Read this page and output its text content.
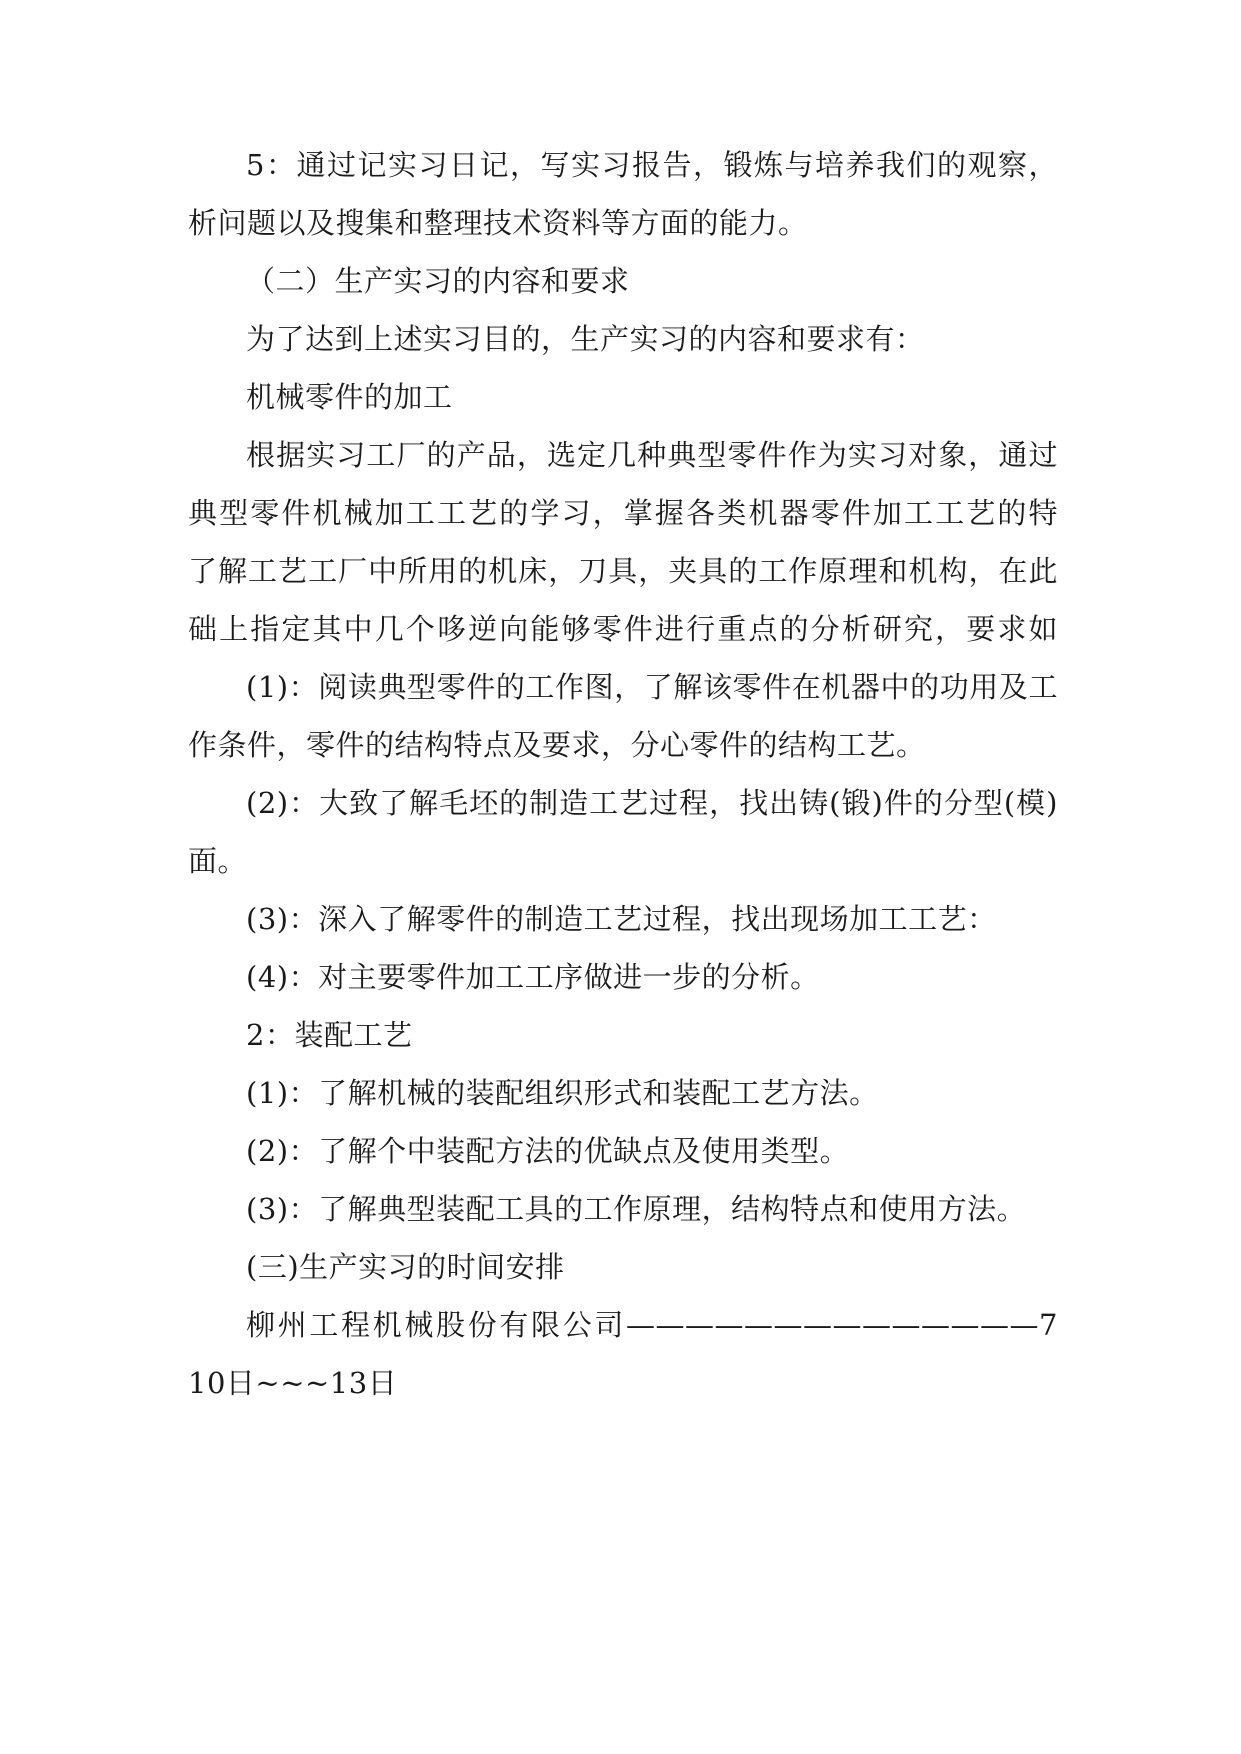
5：通过记实习日记，写实习报告，锻炼与培养我们的观察，
析问题以及搜集和整理技术资料等方面的能力。
（二）生产实习的内容和要求
为了达到上述实习目的，生产实习的内容和要求有：
机械零件的加工
根据实习工厂的产品，选定几种典型零件作为实习对象，通过
典型零件机械加工工艺的学习，掌握各类机器零件加工工艺的特
了解工艺工厂中所用的机床，刀具，夹具的工作原理和机构，在此
础上指定其中几个哆逆向能够零件进行重点的分析研究，要求如
(1)：阅读典型零件的工作图，了解该零件在机器中的功用及工
作条件，零件的结构特点及要求，分心零件的结构工艺。
(2)：大致了解毛坯的制造工艺过程，找出铸(锻)件的分型(模)
面。
(3)：深入了解零件的制造工艺过程，找出现场加工工艺：
(4)：对主要零件加工工序做进一步的分析。
2：装配工艺
(1)：了解机械的装配组织形式和装配工艺方法。
(2)：了解个中装配方法的优缺点及使用类型。
(3)：了解典型装配工具的工作原理，结构特点和使用方法。
(三)生产实习的时间安排
柳州工程机械股份有限公司——————————————7
10日~~~13日
